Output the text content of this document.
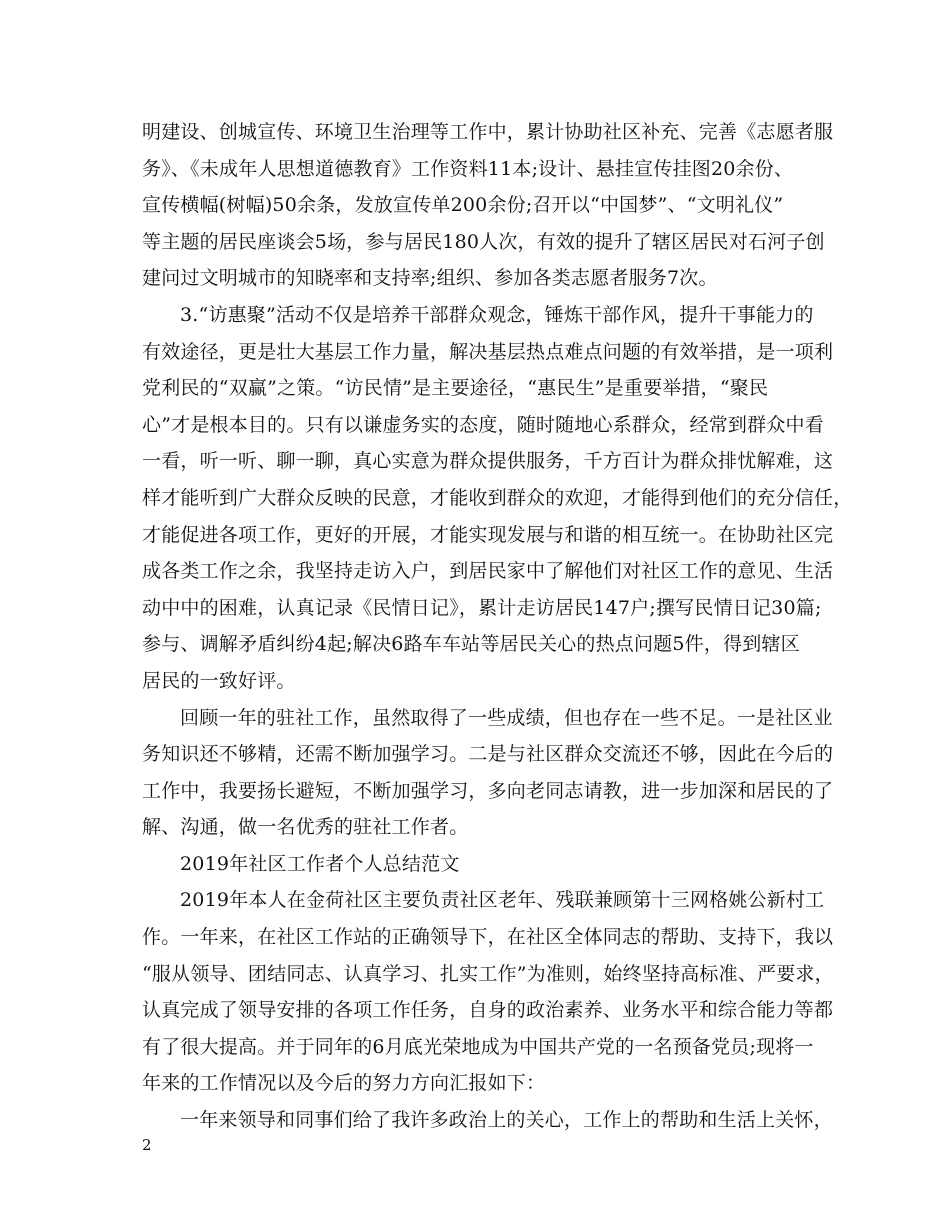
明建设、创城宣传、环境卫生治理等工作中，累计协助社区补充、完善《志愿者服
务》、《未成年人思想道德教育》工作资料11本;设计、悬挂宣传挂图20余份、
宣传横幅(树幅)50余条，发放宣传单200余份;召开以“中国梦”、“文明礼仪”
等主题的居民座谈会5场，参与居民180人次，有效的提升了辖区居民对石河子创
建问过文明城市的知晓率和支持率;组织、参加各类志愿者服务7次。
3.“访惠聚”活动不仅是培养干部群众观念，锤炼干部作风，提升干事能力的
有效途径，更是壮大基层工作力量，解决基层热点难点问题的有效举措，是一项利
党利民的“双赢”之策。“访民情”是主要途径，“惠民生”是重要举措，“聚民
心”才是根本目的。只有以谦虚务实的态度，随时随地心系群众，经常到群众中看
一看，听一听、聊一聊，真心实意为群众提供服务，千方百计为群众排忧解难，这
样才能听到广大群众反映的民意，才能收到群众的欢迎，才能得到他们的充分信任，
才能促进各项工作，更好的开展，才能实现发展与和谐的相互统一。在协助社区完
成各类工作之余，我坚持走访入户，到居民家中了解他们对社区工作的意见、生活
动中中的困难，认真记录《民情日记》，累计走访居民147户;撰写民情日记30篇;
参与、调解矛盾纠纷4起;解决6路车车站等居民关心的热点问题5件，得到辖区
居民的一致好评。
回顾一年的驻社工作，虽然取得了一些成绩，但也存在一些不足。一是社区业
务知识还不够精，还需不断加强学习。二是与社区群众交流还不够，因此在今后的
工作中，我要扬长避短，不断加强学习，多向老同志请教，进一步加深和居民的了
解、沟通，做一名优秀的驻社工作者。
2019年社区工作者个人总结范文
2019年本人在金荷社区主要负责社区老年、残联兼顾第十三网格姚公新村工
作。一年来，在社区工作站的正确领导下，在社区全体同志的帮助、支持下，我以
“服从领导、团结同志、认真学习、扎实工作”为准则，始终坚持高标准、严要求，
认真完成了领导安排的各项工作任务，自身的政治素养、业务水平和综合能力等都
有了很大提高。并于同年的6月底光荣地成为中国共产党的一名预备党员;现将一
年来的工作情况以及今后的努力方向汇报如下：
一年来领导和同事们给了我许多政治上的关心，工作上的帮助和生活上关怀，
2
